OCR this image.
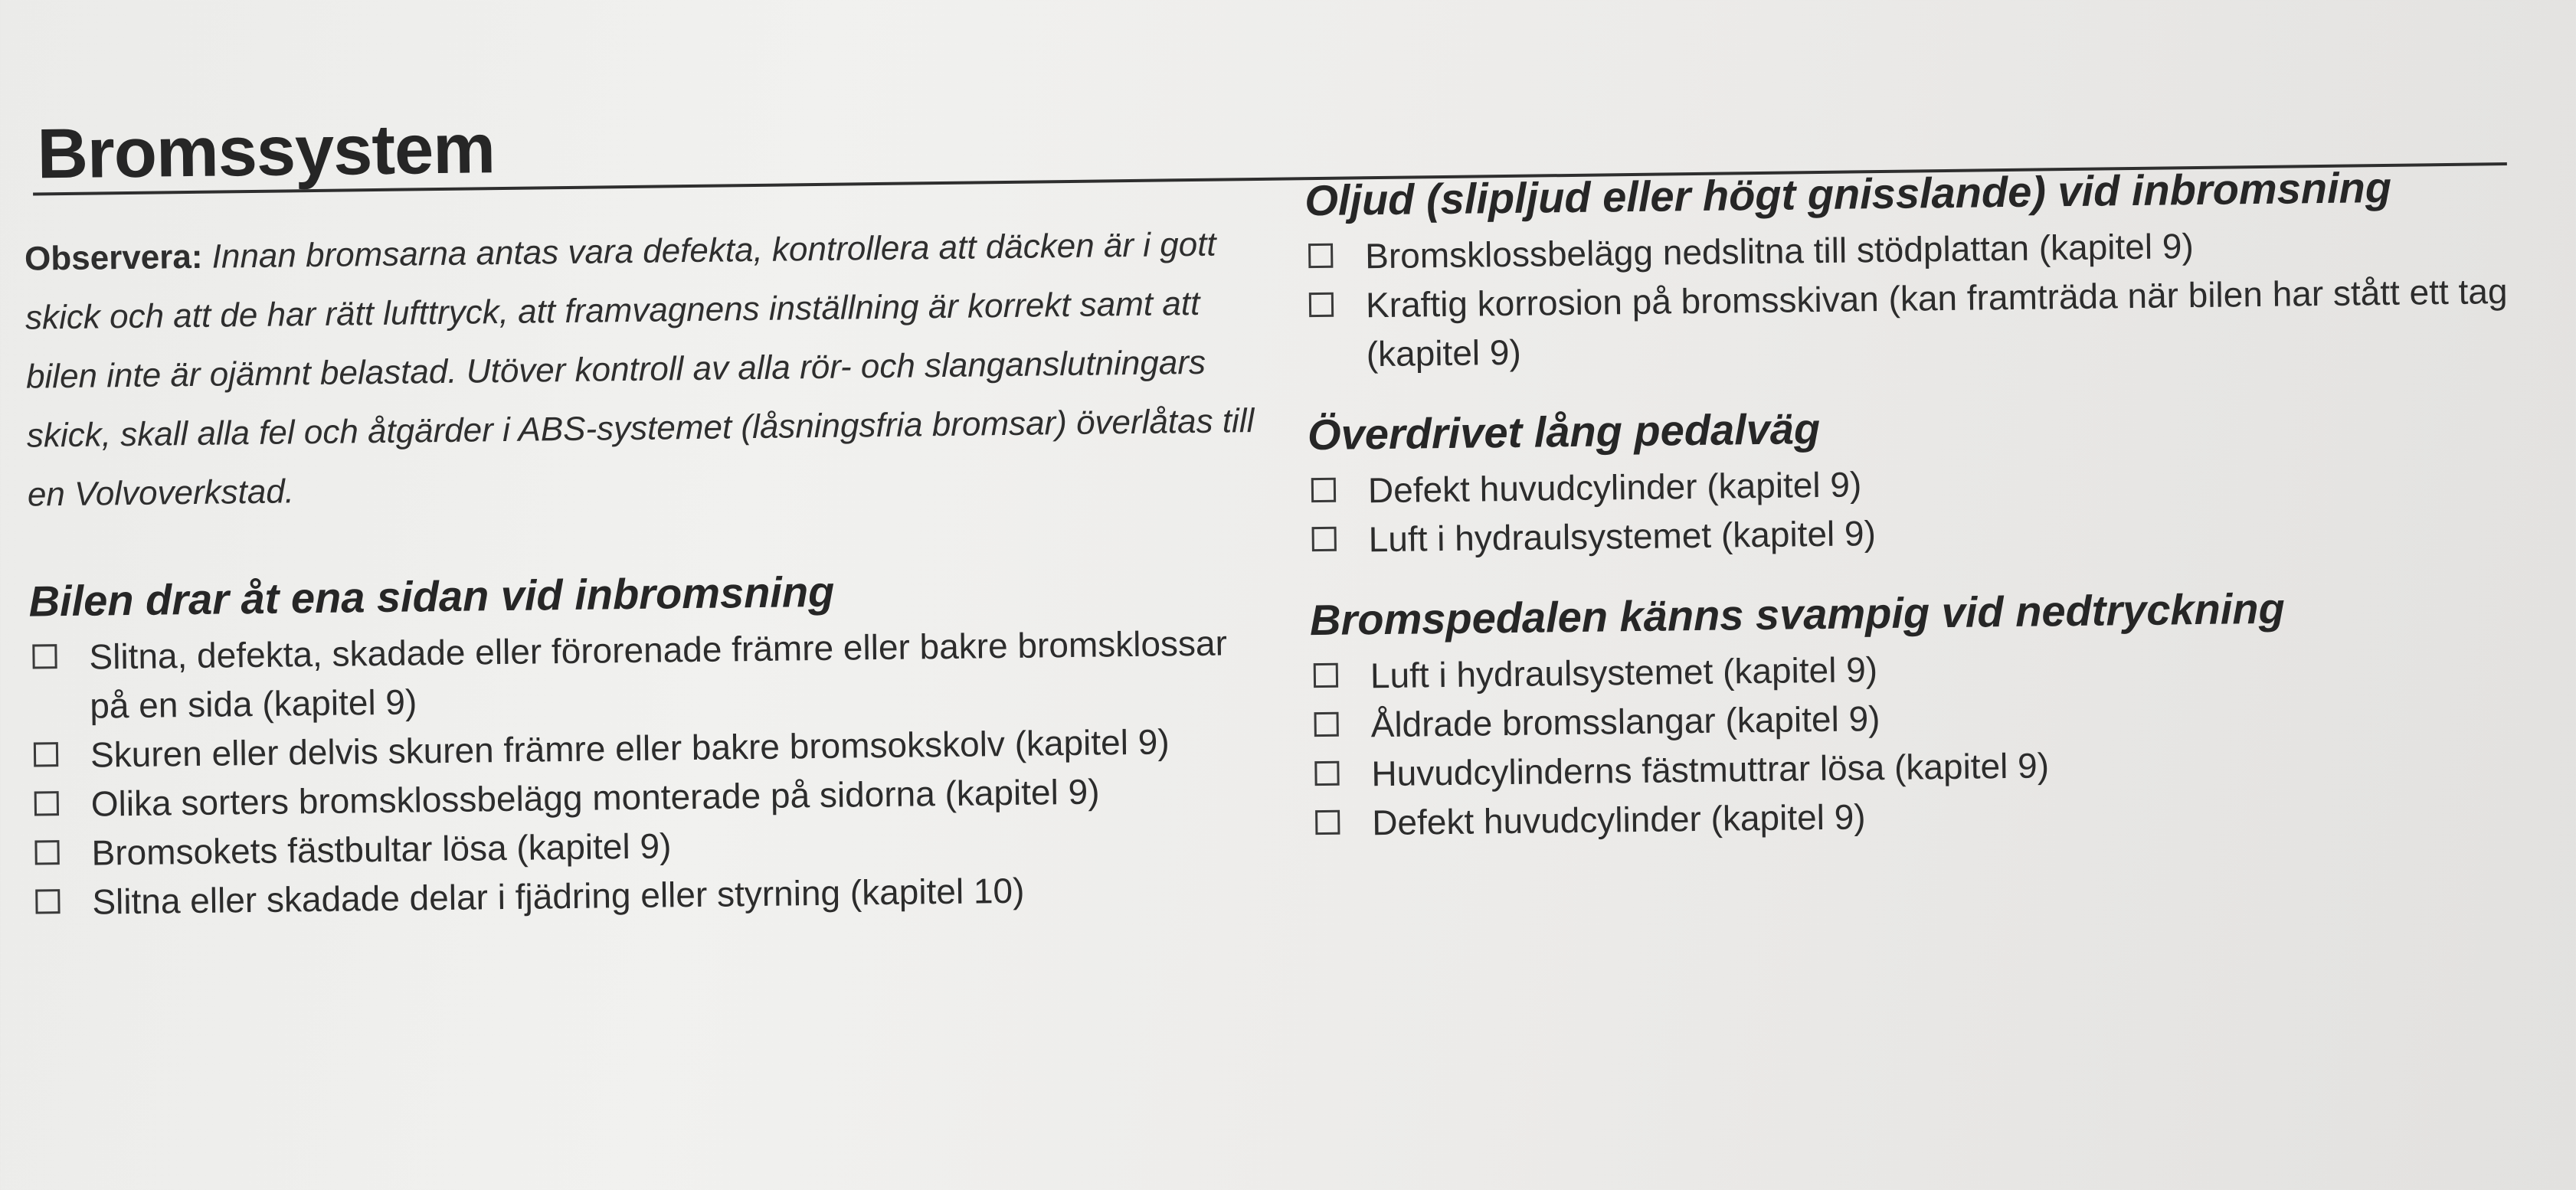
Bromssystem

Observera: Innan bromsarna antas vara defekta, kontrollera att däcken är i gott skick och att de har rätt lufttryck, att framvagnens inställning är korrekt samt att bilen inte är ojämnt belastad. Utöver kontroll av alla rör- och slanganslutningars skick, skall alla fel och åtgärder i ABS-systemet (låsningsfria bromsar) överlåtas till en Volvoverkstad.

Bilen drar åt ena sidan vid inbromsning
Slitna, defekta, skadade eller förorenade främre eller bakre bromsklossar på en sida (kapitel 9)
Skuren eller delvis skuren främre eller bakre bromsokskolv (kapitel 9)
Olika sorters bromsklossbelägg monterade på sidorna (kapitel 9)
Bromsokets fästbultar lösa (kapitel 9)
Slitna eller skadade delar i fjädring eller styrning (kapitel 10)
Oljud (slipljud eller högt gnisslande) vid inbromsning
Bromsklossbelägg nedslitna till stödplattan (kapitel 9)
Kraftig korrosion på bromsskivan (kan framträda när bilen har stått ett tag (kapitel 9)
Överdrivet lång pedalväg
Defekt huvudcylinder (kapitel 9)
Luft i hydraulsystemet (kapitel 9)
Bromspedalen känns svampig vid nedtryckning
Luft i hydraulsystemet (kapitel 9)
Åldrade bromsslangar (kapitel 9)
Huvudcylinderns fästmuttrar lösa (kapitel 9)
Defekt huvudcylinder (kapitel 9)
